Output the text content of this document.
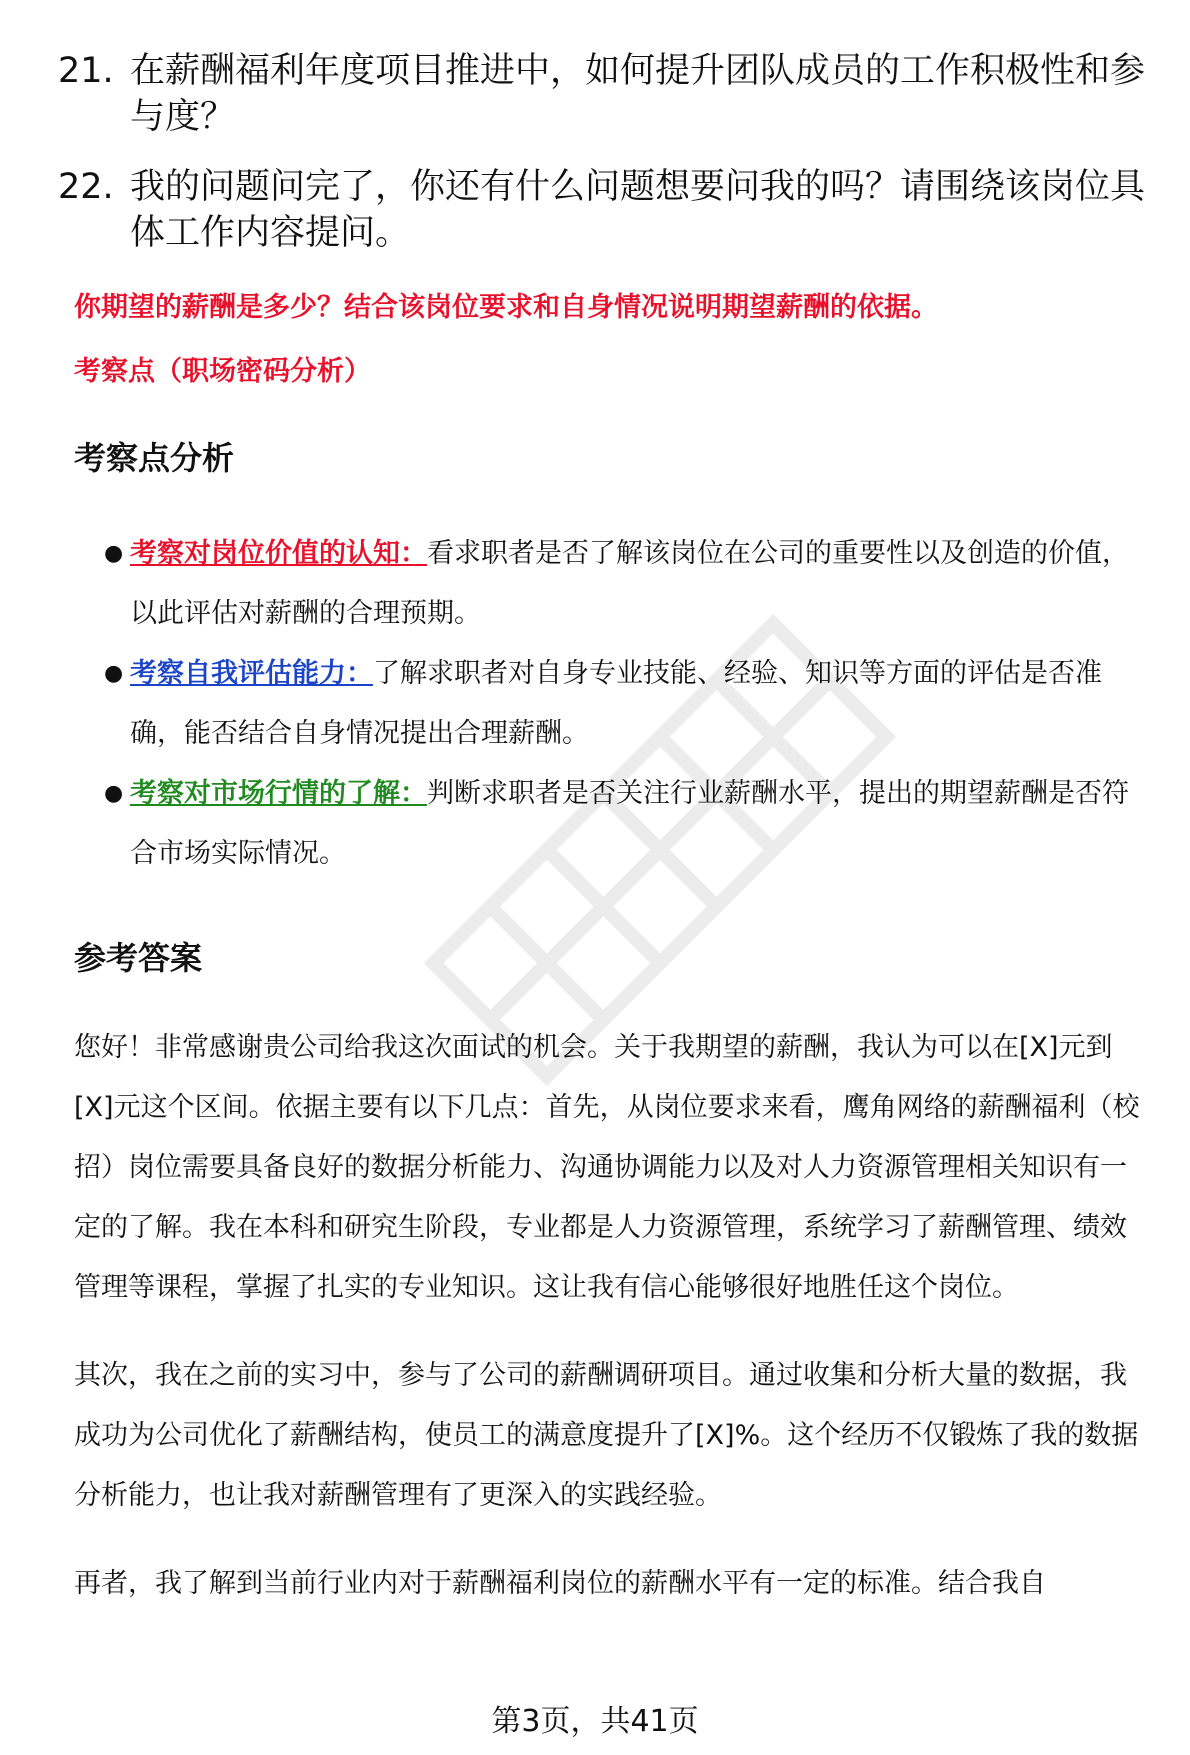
21. 在薪酬福利年度项目推进中，如何提升团队成员的工作积极性和参与度？
22. 我的问题问完了，你还有什么问题想要问我的吗？请围绕该岗位具体工作内容提问。
你期望的薪酬是多少？结合该岗位要求和自身情况说明期望薪酬的依据。
考察点（职场密码分析）
考察点分析
● 考察对岗位价值的认知：看求职者是否了解该岗位在公司的重要性以及创造的价值，以此评估对薪酬的合理预期。
● 考察自我评估能力：了解求职者对自身专业技能、经验、知识等方面的评估是否准确，能否结合自身情况提出合理薪酬。
● 考察对市场行情的了解：判断求职者是否关注行业薪酬水平，提出的期望薪酬是否符合市场实际情况。
参考答案

您好！非常感谢贵公司给我这次面试的机会。关于我期望的薪酬，我认为可以在[X]元到[X]元这个区间。依据主要有以下几点：首先，从岗位要求来看，鹰角网络的薪酬福利（校招）岗位需要具备良好的数据分析能力、沟通协调能力以及对人力资源管理相关知识有一定的了解。我在本科和研究生阶段，专业都是人力资源管理，系统学习了薪酬管理、绩效管理等课程，掌握了扎实的专业知识。这让我有信心能够很好地胜任这个岗位。

其次，我在之前的实习中，参与了公司的薪酬调研项目。通过收集和分析大量的数据，我成功为公司优化了薪酬结构，使员工的满意度提升了[X]%。这个经历不仅锻炼了我的数据分析能力，也让我对薪酬管理有了更深入的实践经验。

再者，我了解到当前行业内对于薪酬福利岗位的薪酬水平有一定的标准。结合我自

第3页，共41页
